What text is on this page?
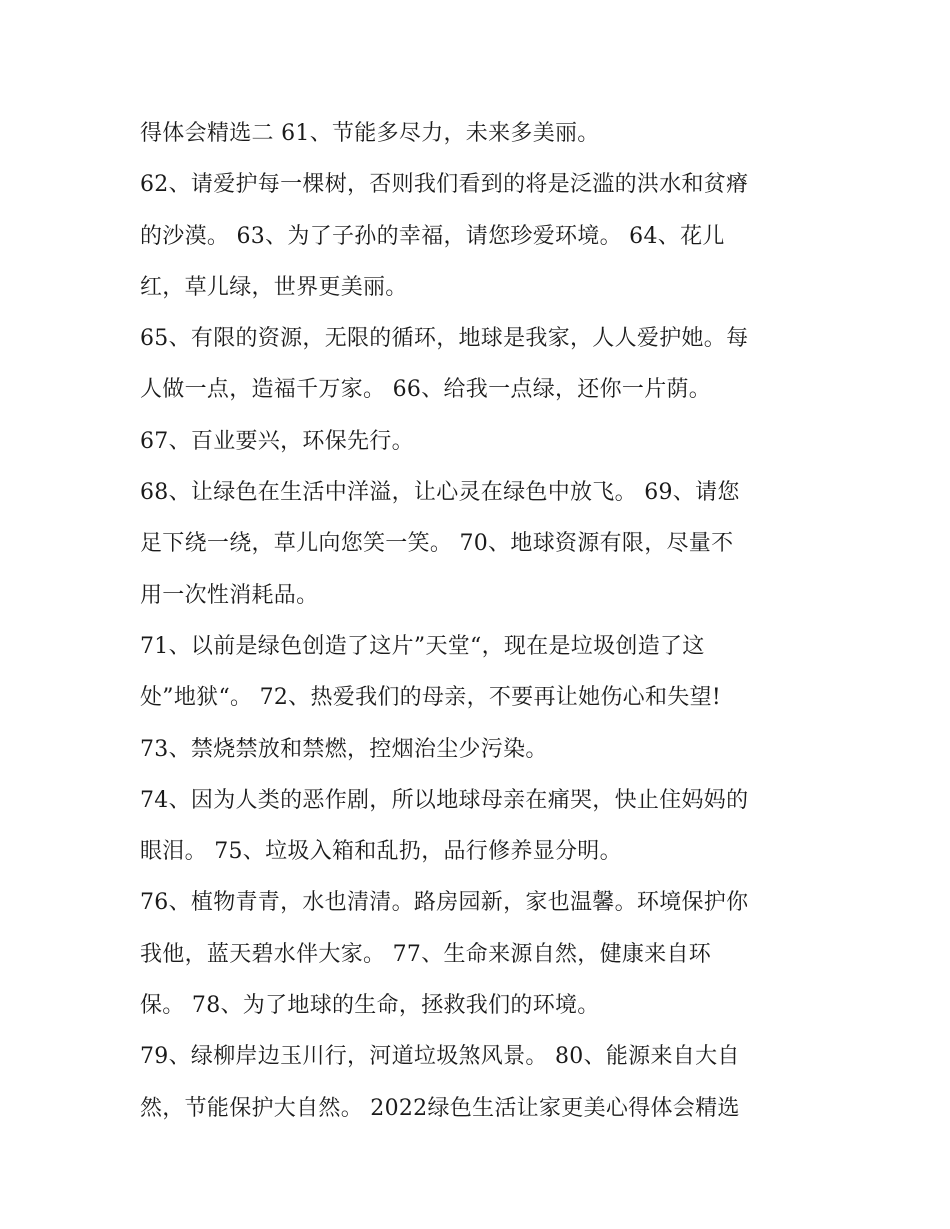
得体会精选二 61、节能多尽力，未来多美丽。
62、请爱护每一棵树，否则我们看到的将是泛滥的洪水和贫瘠
的沙漠。 63、为了子孙的幸福，请您珍爱环境。 64、花儿
红，草儿绿，世界更美丽。
65、有限的资源，无限的循环，地球是我家，人人爱护她。每
人做一点，造福千万家。 66、给我一点绿，还你一片荫。
67、百业要兴，环保先行。
68、让绿色在生活中洋溢，让心灵在绿色中放飞。 69、请您
足下绕一绕，草儿向您笑一笑。 70、地球资源有限，尽量不
用一次性消耗品。
71、以前是绿色创造了这片”天堂“，现在是垃圾创造了这
处”地狱“。 72、热爱我们的母亲，不要再让她伤心和失望!
73、禁烧禁放和禁燃，控烟治尘少污染。
74、因为人类的恶作剧，所以地球母亲在痛哭，快止住妈妈的
眼泪。 75、垃圾入箱和乱扔，品行修养显分明。
76、植物青青，水也清清。路房园新，家也温馨。环境保护你
我他，蓝天碧水伴大家。 77、生命来源自然，健康来自环
保。 78、为了地球的生命，拯救我们的环境。
79、绿柳岸边玉川行，河道垃圾煞风景。 80、能源来自大自
然，节能保护大自然。 2022绿色生活让家更美心得体会精选
